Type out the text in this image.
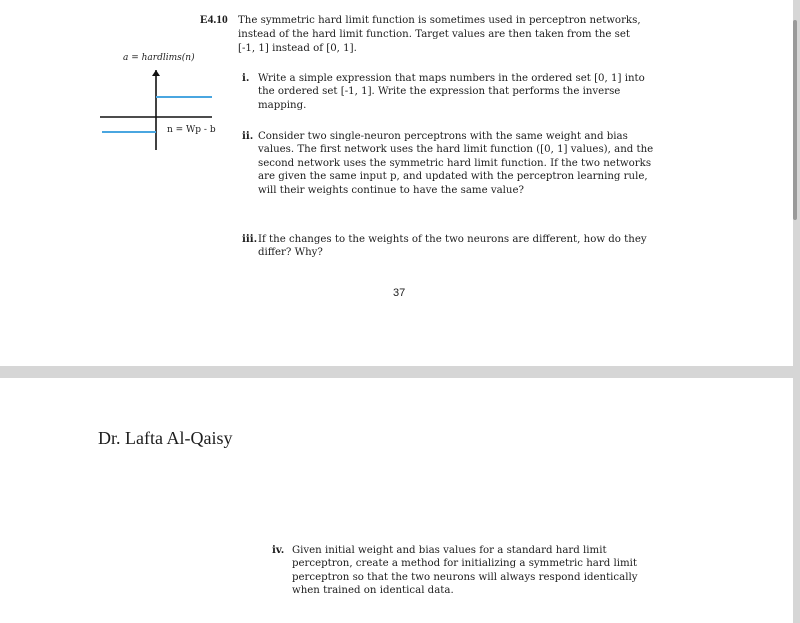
E4.10 The symmetric hard limit function is sometimes used in perceptron networks, instead of the hard limit function. Target values are then taken from the set [-1, 1] instead of [0, 1].
a = hardlims(n)
n = Wp - b
i. Write a simple expression that maps numbers in the ordered set [0, 1] into the ordered set [-1, 1]. Write the expression that performs the inverse mapping.
ii. Consider two single-neuron perceptrons with the same weight and bias values. The first network uses the hard limit function ([0, 1] values), and the second network uses the symmetric hard limit function. If the two networks are given the same input p, and updated with the perceptron learning rule, will their weights continue to have the same value?
iii. If the changes to the weights of the two neurons are different, how do they differ? Why?
37
Dr. Lafta Al-Qaisy
iv. Given initial weight and bias values for a standard hard limit perceptron, create a method for initializing a symmetric hard limit perceptron so that the two neurons will always respond identically when trained on identical data.
